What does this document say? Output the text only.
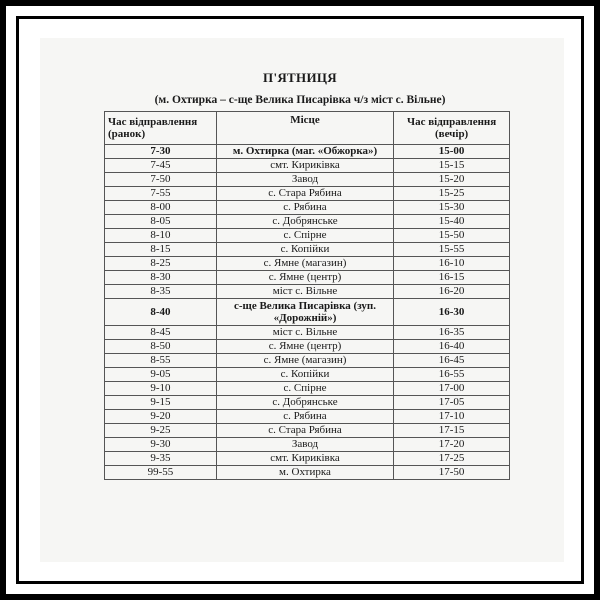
П'ЯТНИЦЯ
(м. Охтирка – с-ще Велика Писарівка ч/з міст с. Вільне)
Час відправлення (ранок)	Місце	Час відправлення (вечір)
7-30	м. Охтирка (маг. «Обжорка»)	15-00
7-45	смт. Кириківка	15-15
7-50	Завод	15-20
7-55	с. Стара Рябина	15-25
8-00	с. Рябина	15-30
8-05	с. Добрянське	15-40
8-10	с. Спірне	15-50
8-15	с. Копійки	15-55
8-25	с. Ямне (магазин)	16-10
8-30	с. Ямне (центр)	16-15
8-35	міст с. Вільне	16-20
8-40	с-ще Велика Писарівка (зуп. «Дорожній»)	16-30
8-45	міст с. Вільне	16-35
8-50	с. Ямне (центр)	16-40
8-55	с. Ямне (магазин)	16-45
9-05	с. Копійки	16-55
9-10	с. Спірне	17-00
9-15	с. Добрянське	17-05
9-20	с. Рябина	17-10
9-25	с. Стара Рябина	17-15
9-30	Завод	17-20
9-35	смт. Кириківка	17-25
99-55	м. Охтирка	17-50
